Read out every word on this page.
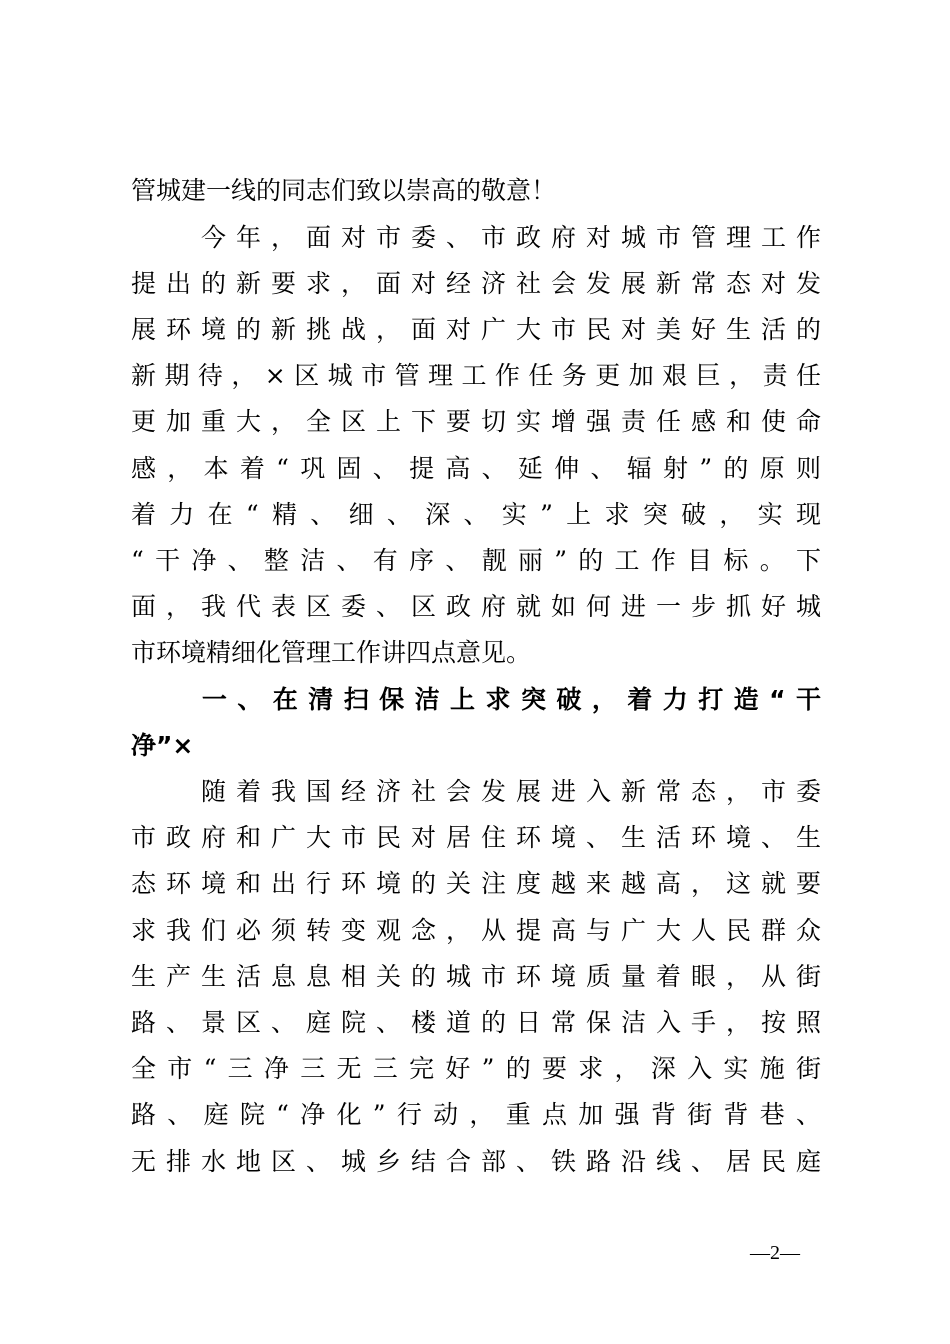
管城建一线的同志们致以崇高的敬意！
　　今年，面对市委、市政府对城市管理工作
提出的新要求，面对经济社会发展新常态对发
展环境的新挑战，面对广大市民对美好生活的
新期待，×区城市管理工作任务更加艰巨，责任
更加重大，全区上下要切实增强责任感和使命
感，本着“巩固、提高、延伸、辐射”的原则
着力在“精、细、深、实”上求突破，实现
“干净、整洁、有序、靓丽”的工作目标。下
面，我代表区委、区政府就如何进一步抓好城
市环境精细化管理工作讲四点意见。
　　一、在清扫保洁上求突破，着力打造“干
净”×
　　随着我国经济社会发展进入新常态，市委
市政府和广大市民对居住环境、生活环境、生
态环境和出行环境的关注度越来越高，这就要
求我们必须转变观念，从提高与广大人民群众
生产生活息息相关的城市环境质量着眼，从街
路、景区、庭院、楼道的日常保洁入手，按照
全市“三净三无三完好”的要求，深入实施街
路、庭院“净化”行动，重点加强背街背巷、
无排水地区、城乡结合部、铁路沿线、居民庭
—2—
